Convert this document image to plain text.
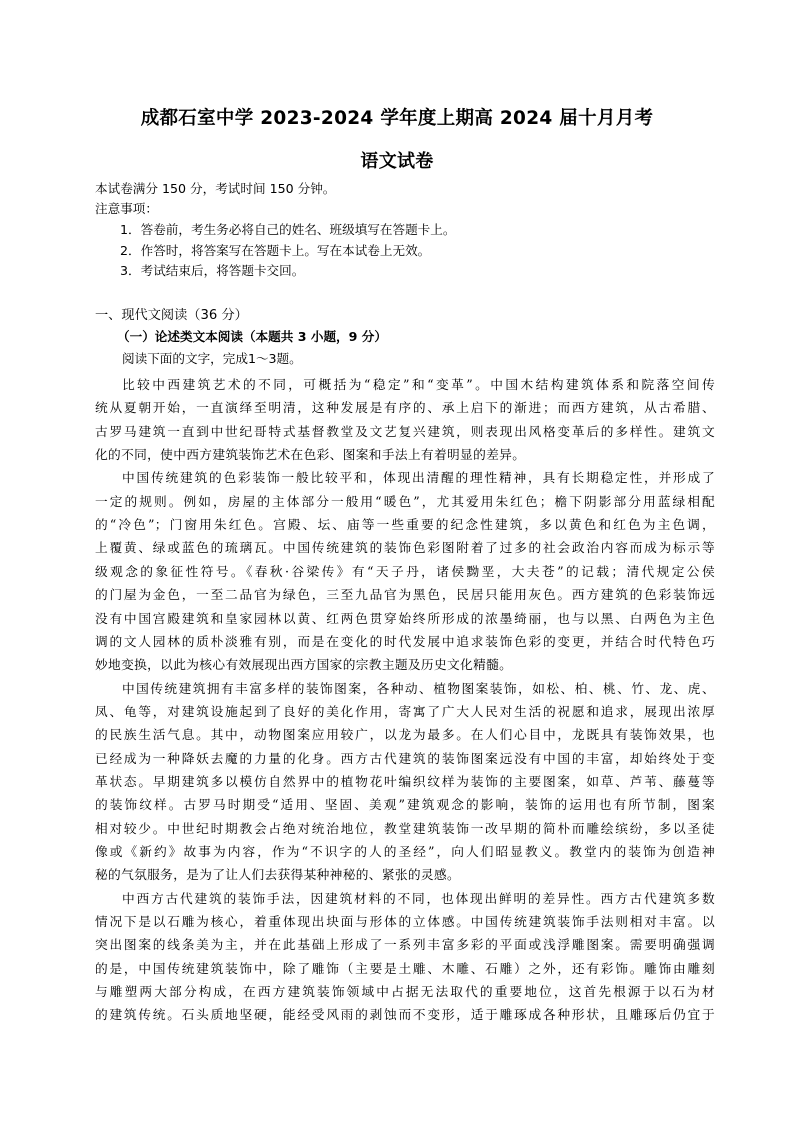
成都石室中学 2023-2024 学年度上期高 2024 届十月月考
语文试卷
本试卷满分 150 分，考试时间 150 分钟。
注意事项：
1．答卷前，考生务必将自己的姓名、班级填写在答题卡上。
2．作答时，将答案写在答题卡上。写在本试卷上无效。
3．考试结束后，将答题卡交回。
一、现代文阅读（36 分）
（一）论述类文本阅读（本题共 3 小题，9 分）
阅读下面的文字，完成1～3题。
比较中西建筑艺术的不同，可概括为“稳定”和“变革”。中国木结构建筑体系和院落空间传
统从夏朝开始，一直演绎至明清，这种发展是有序的、承上启下的渐进；而西方建筑，从古希腊、
古罗马建筑一直到中世纪哥特式基督教堂及文艺复兴建筑，则表现出风格变革后的多样性。建筑文
化的不同，使中西方建筑装饰艺术在色彩、图案和手法上有着明显的差异。
中国传统建筑的色彩装饰一般比较平和，体现出清醒的理性精神，具有长期稳定性，并形成了
一定的规则。例如，房屋的主体部分一般用“暖色”，尤其爱用朱红色；檐下阴影部分用蓝绿相配
的“冷色”；门窗用朱红色。宫殿、坛、庙等一些重要的纪念性建筑，多以黄色和红色为主色调，
上覆黄、绿或蓝色的琉璃瓦。中国传统建筑的装饰色彩图附着了过多的社会政治内容而成为标示等
级观念的象征性符号。《春秋·谷梁传》有“天子丹，诸侯黝垩，大夫苍”的记载；清代规定公侯
的门屋为金色，一至二品官为绿色，三至九品官为黑色，民居只能用灰色。西方建筑的色彩装饰远
没有中国宫殿建筑和皇家园林以黄、红两色贯穿始终所形成的浓墨绮丽，也与以黑、白两色为主色
调的文人园林的质朴淡雅有别，而是在变化的时代发展中追求装饰色彩的变更，并结合时代特色巧
妙地变换，以此为核心有效展现出西方国家的宗教主题及历史文化精髓。
中国传统建筑拥有丰富多样的装饰图案，各种动、植物图案装饰，如松、柏、桃、竹、龙、虎、
凤、龟等，对建筑设施起到了良好的美化作用，寄寓了广大人民对生活的祝愿和追求，展现出浓厚
的民族生活气息。其中，动物图案应用较广，以龙为最多。在人们心目中，龙既具有装饰效果，也
已经成为一种降妖去魔的力量的化身。西方古代建筑的装饰图案远没有中国的丰富，却始终处于变
革状态。早期建筑多以模仿自然界中的植物花叶编织纹样为装饰的主要图案，如草、芦苇、藤蔓等
的装饰纹样。古罗马时期受“适用、坚固、美观”建筑观念的影响，装饰的运用也有所节制，图案
相对较少。中世纪时期教会占绝对统治地位，教堂建筑装饰一改早期的简朴而雕绘缤纷，多以圣徒
像或《新约》故事为内容，作为“不识字的人的圣经”，向人们昭显教义。教堂内的装饰为创造神
秘的气氛服务，是为了让人们去获得某种神秘的、紧张的灵感。
中西方古代建筑的装饰手法，因建筑材料的不同，也体现出鲜明的差异性。西方古代建筑多数
情况下是以石雕为核心，着重体现出块面与形体的立体感。中国传统建筑装饰手法则相对丰富。以
突出图案的线条美为主，并在此基础上形成了一系列丰富多彩的平面或浅浮雕图案。需要明确强调
的是，中国传统建筑装饰中，除了雕饰（主要是土雕、木雕、石雕）之外，还有彩饰。雕饰由雕刻
与雕塑两大部分构成，在西方建筑装饰领域中占据无法取代的重要地位，这首先根源于以石为材
的建筑传统。石头质地坚硬，能经受风雨的剥蚀而不变形，适于雕琢成各种形状，且雕琢后仍宜于
